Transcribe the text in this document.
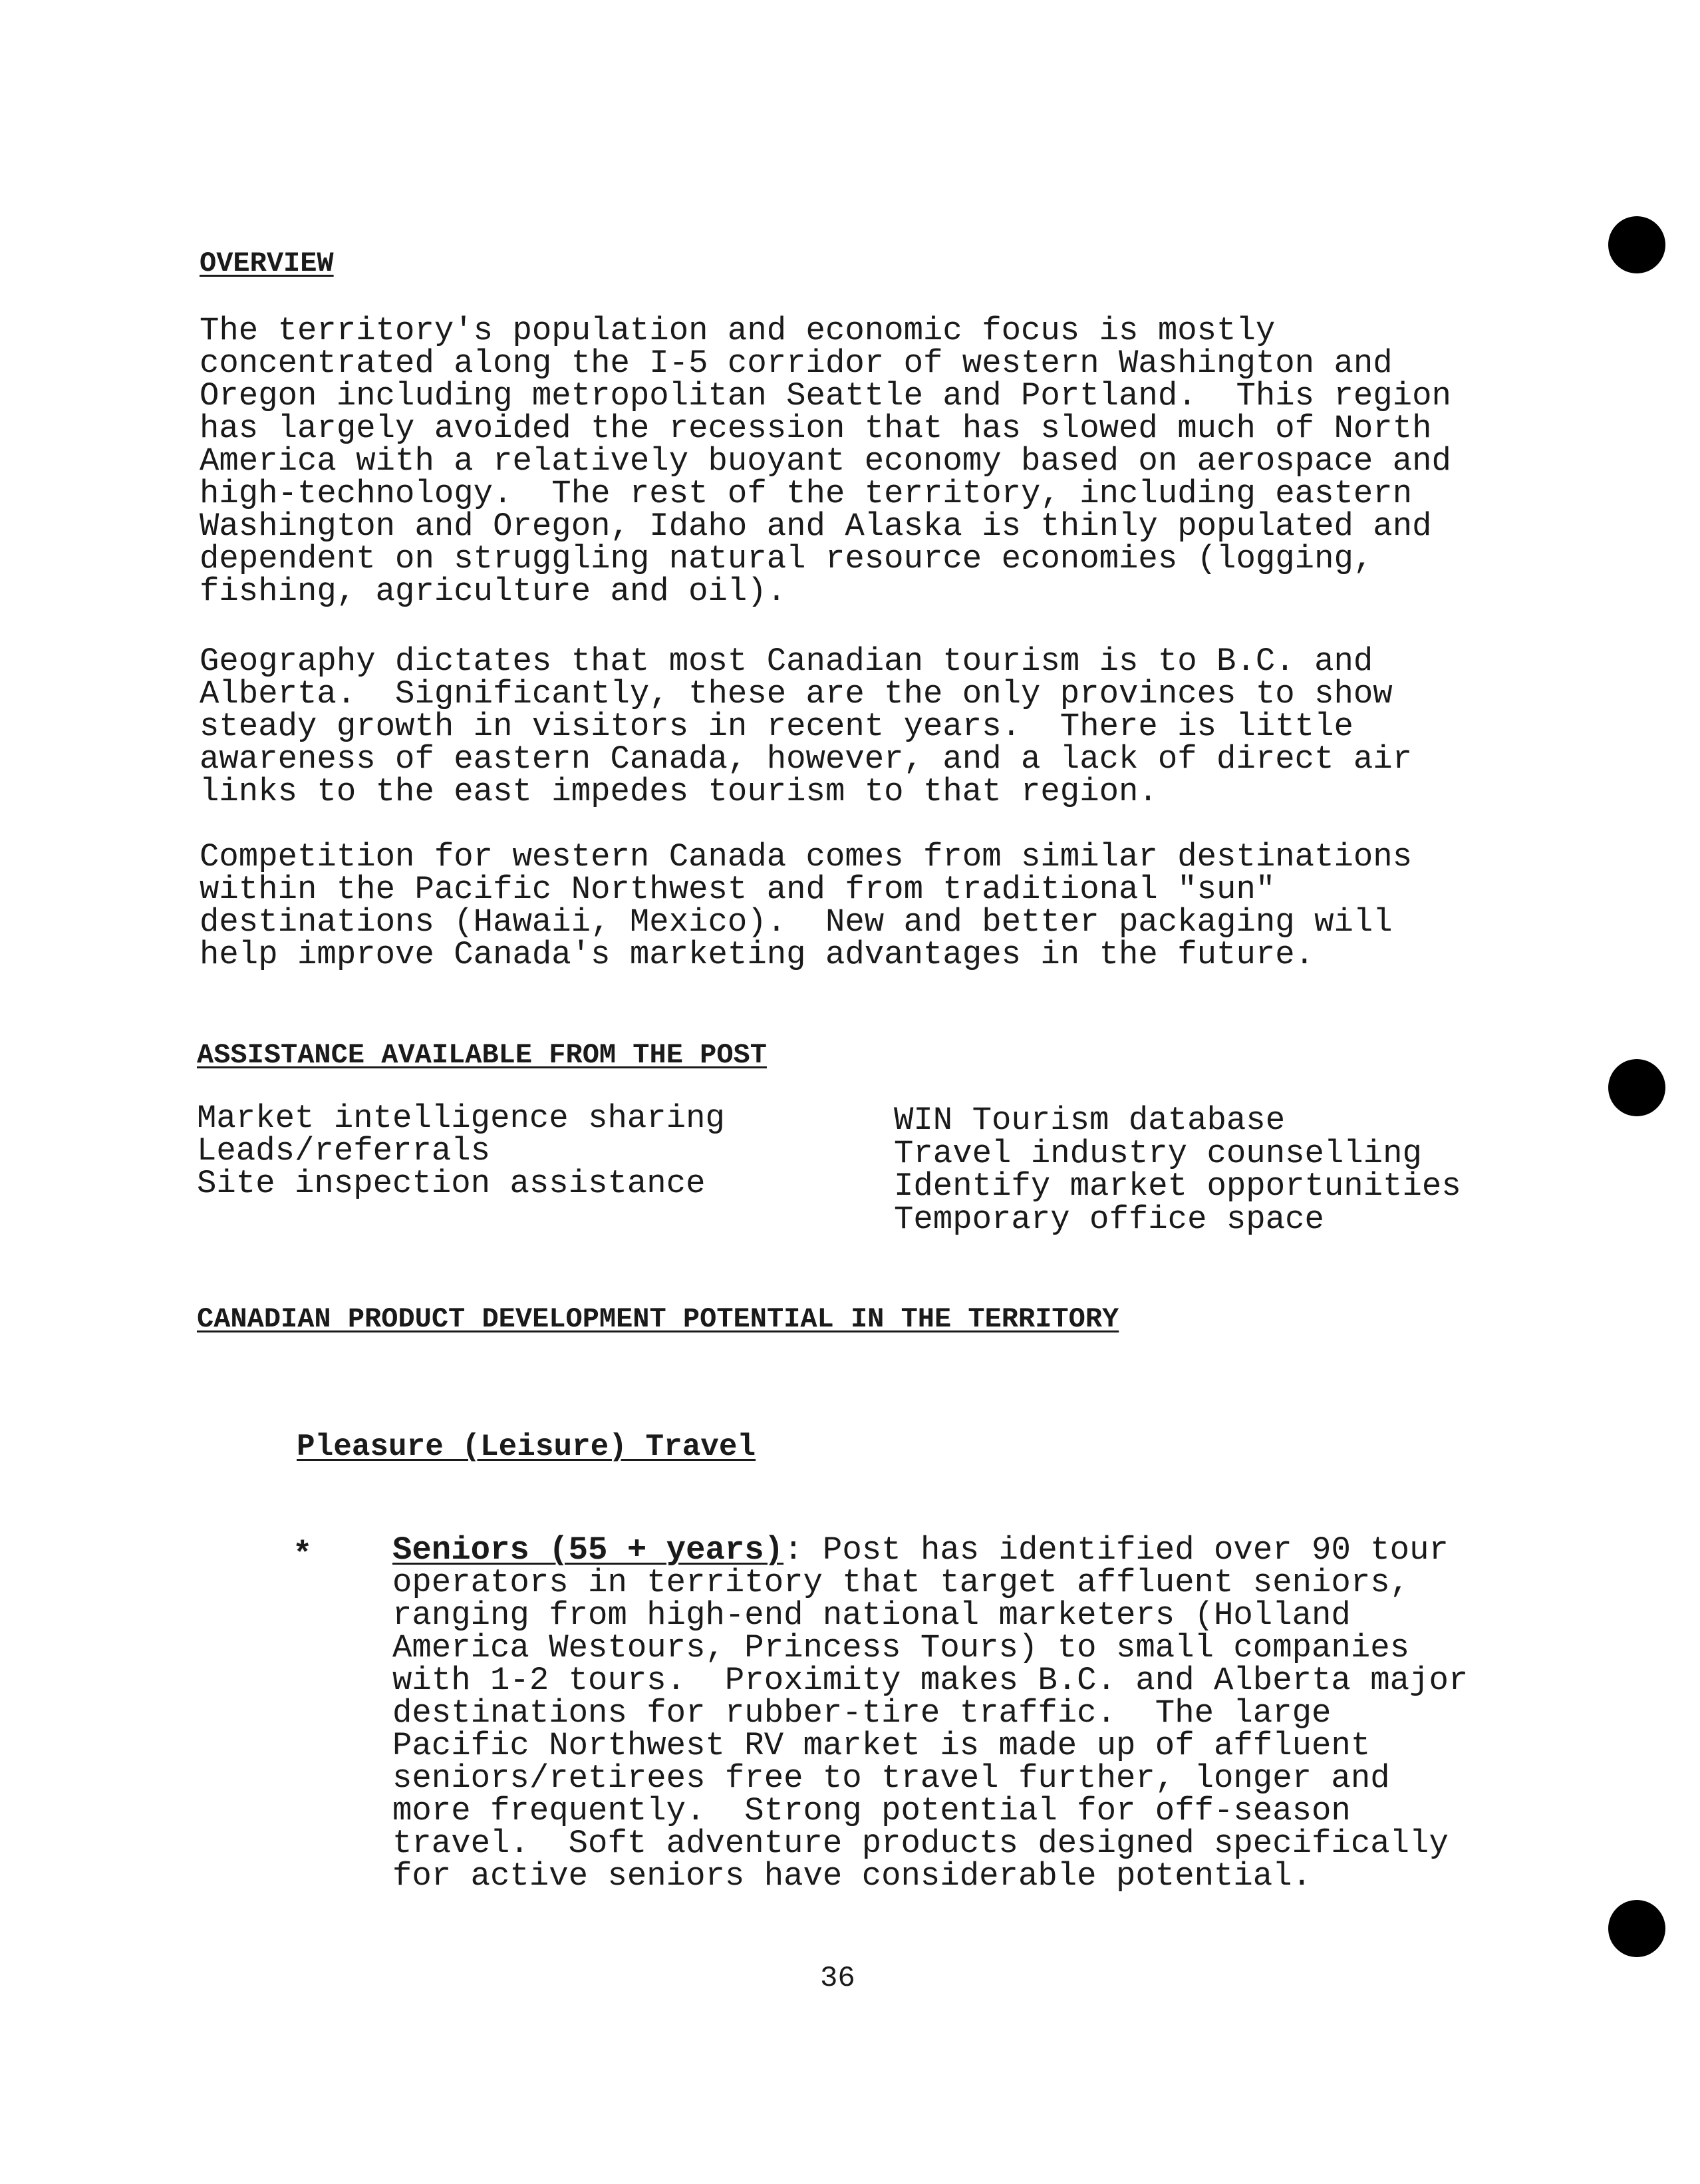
OVERVIEW
The territory's population and economic focus is mostly
concentrated along the I-5 corridor of western Washington and
Oregon including metropolitan Seattle and Portland.  This region
has largely avoided the recession that has slowed much of North
America with a relatively buoyant economy based on aerospace and
high-technology.  The rest of the territory, including eastern
Washington and Oregon, Idaho and Alaska is thinly populated and
dependent on struggling natural resource economies (logging,
fishing, agriculture and oil).
Geography dictates that most Canadian tourism is to B.C. and
Alberta.  Significantly, these are the only provinces to show
steady growth in visitors in recent years.  There is little
awareness of eastern Canada, however, and a lack of direct air
links to the east impedes tourism to that region.
Competition for western Canada comes from similar destinations
within the Pacific Northwest and from traditional "sun"
destinations (Hawaii, Mexico).  New and better packaging will
help improve Canada's marketing advantages in the future.
ASSISTANCE AVAILABLE FROM THE POST
Market intelligence sharing
Leads/referrals
Site inspection assistance
WIN Tourism database
Travel industry counselling
Identify market opportunities
Temporary office space
CANADIAN PRODUCT DEVELOPMENT POTENTIAL IN THE TERRITORY
Pleasure (Leisure) Travel
* Seniors (55 + years): Post has identified over 90 tour
operators in territory that target affluent seniors,
ranging from high-end national marketers (Holland
America Westours, Princess Tours) to small companies
with 1-2 tours.  Proximity makes B.C. and Alberta major
destinations for rubber-tire traffic.  The large
Pacific Northwest RV market is made up of affluent
seniors/retirees free to travel further, longer and
more frequently.  Strong potential for off-season
travel.  Soft adventure products designed specifically
for active seniors have considerable potential.
36
